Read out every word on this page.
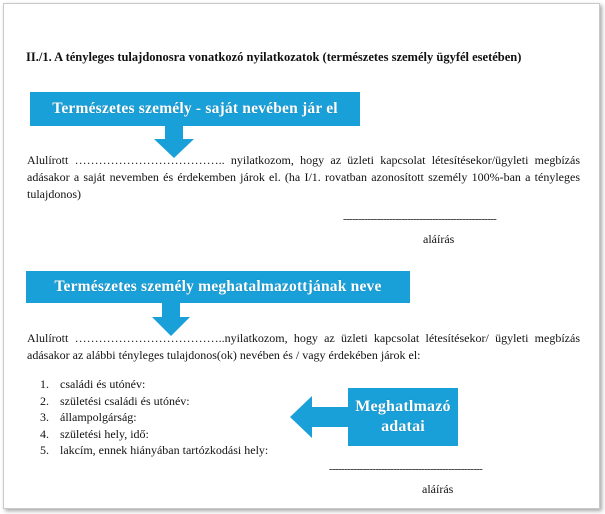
II./1. A tényleges tulajdonosra vonatkozó nyilatkozatok (természetes személy ügyfél esetében)
Természetes személy - saját nevében jár el
Alulírott ……………………………….. nyilatkozom, hogy az üzleti kapcsolat létesítésekor/ügyleti megbízás adásakor a saját nevemben és érdekemben járok el. (ha I/1. rovatban azonosított személy 100%-ban a tényleges tulajdonos)
--------------------------------------------------
aláírás
Természetes személy meghatalmazottjának neve
Alulírott ………………………………..nyilatkozom, hogy az üzleti kapcsolat létesítésekor/ ügyleti megbízás adásakor az alábbi tényleges tulajdonos(ok) nevében és / vagy érdekében járok el:
1. családi és utónév:
2. születési családi és utónév:
3. állampolgárság:
4. születési hely, idő:
5. lakcím, ennek hiányában tartózkodási hely:
Meghatlmazó
adatai
--------------------------------------------------
aláírás
